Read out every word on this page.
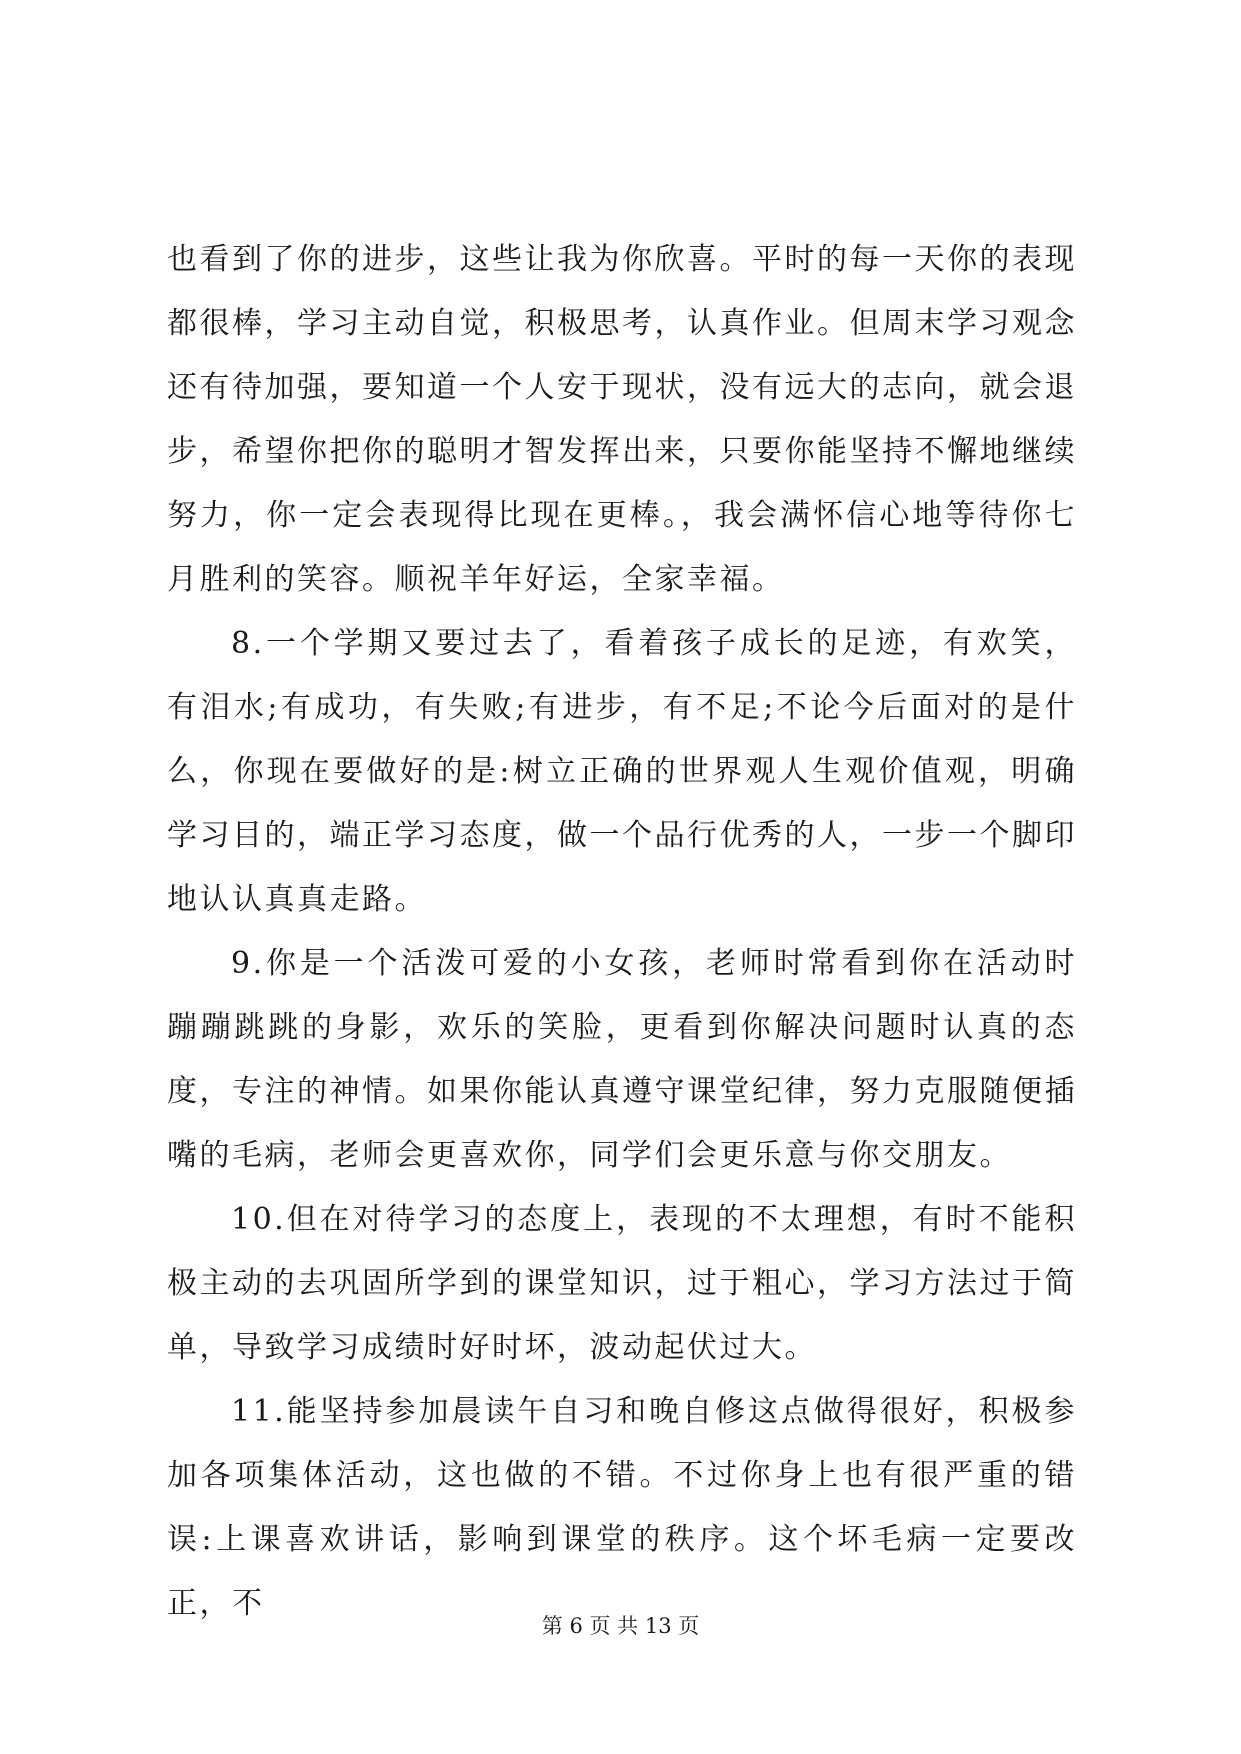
也看到了你的进步，这些让我为你欣喜。平时的每一天你的表现都很棒，学习主动自觉，积极思考，认真作业。但周末学习观念还有待加强，要知道一个人安于现状，没有远大的志向，就会退步，希望你把你的聪明才智发挥出来，只要你能坚持不懈地继续努力，你一定会表现得比现在更棒。，我会满怀信心地等待你七月胜利的笑容。顺祝羊年好运，全家幸福。

8.一个学期又要过去了，看着孩子成长的足迹，有欢笑，有泪水;有成功，有失败;有进步，有不足;不论今后面对的是什么，你现在要做好的是:树立正确的世界观人生观价值观，明确学习目的，端正学习态度，做一个品行优秀的人，一步一个脚印地认认真真走路。

9.你是一个活泼可爱的小女孩，老师时常看到你在活动时蹦蹦跳跳的身影，欢乐的笑脸，更看到你解决问题时认真的态度，专注的神情。如果你能认真遵守课堂纪律，努力克服随便插嘴的毛病，老师会更喜欢你，同学们会更乐意与你交朋友。

10.但在对待学习的态度上，表现的不太理想，有时不能积极主动的去巩固所学到的课堂知识，过于粗心，学习方法过于简单，导致学习成绩时好时坏，波动起伏过大。

11.能坚持参加晨读午自习和晚自修这点做得很好，积极参加各项集体活动，这也做的不错。不过你身上也有很严重的错误:上课喜欢讲话，影响到课堂的秩序。这个坏毛病一定要改正，不

第 6 页 共 13 页
